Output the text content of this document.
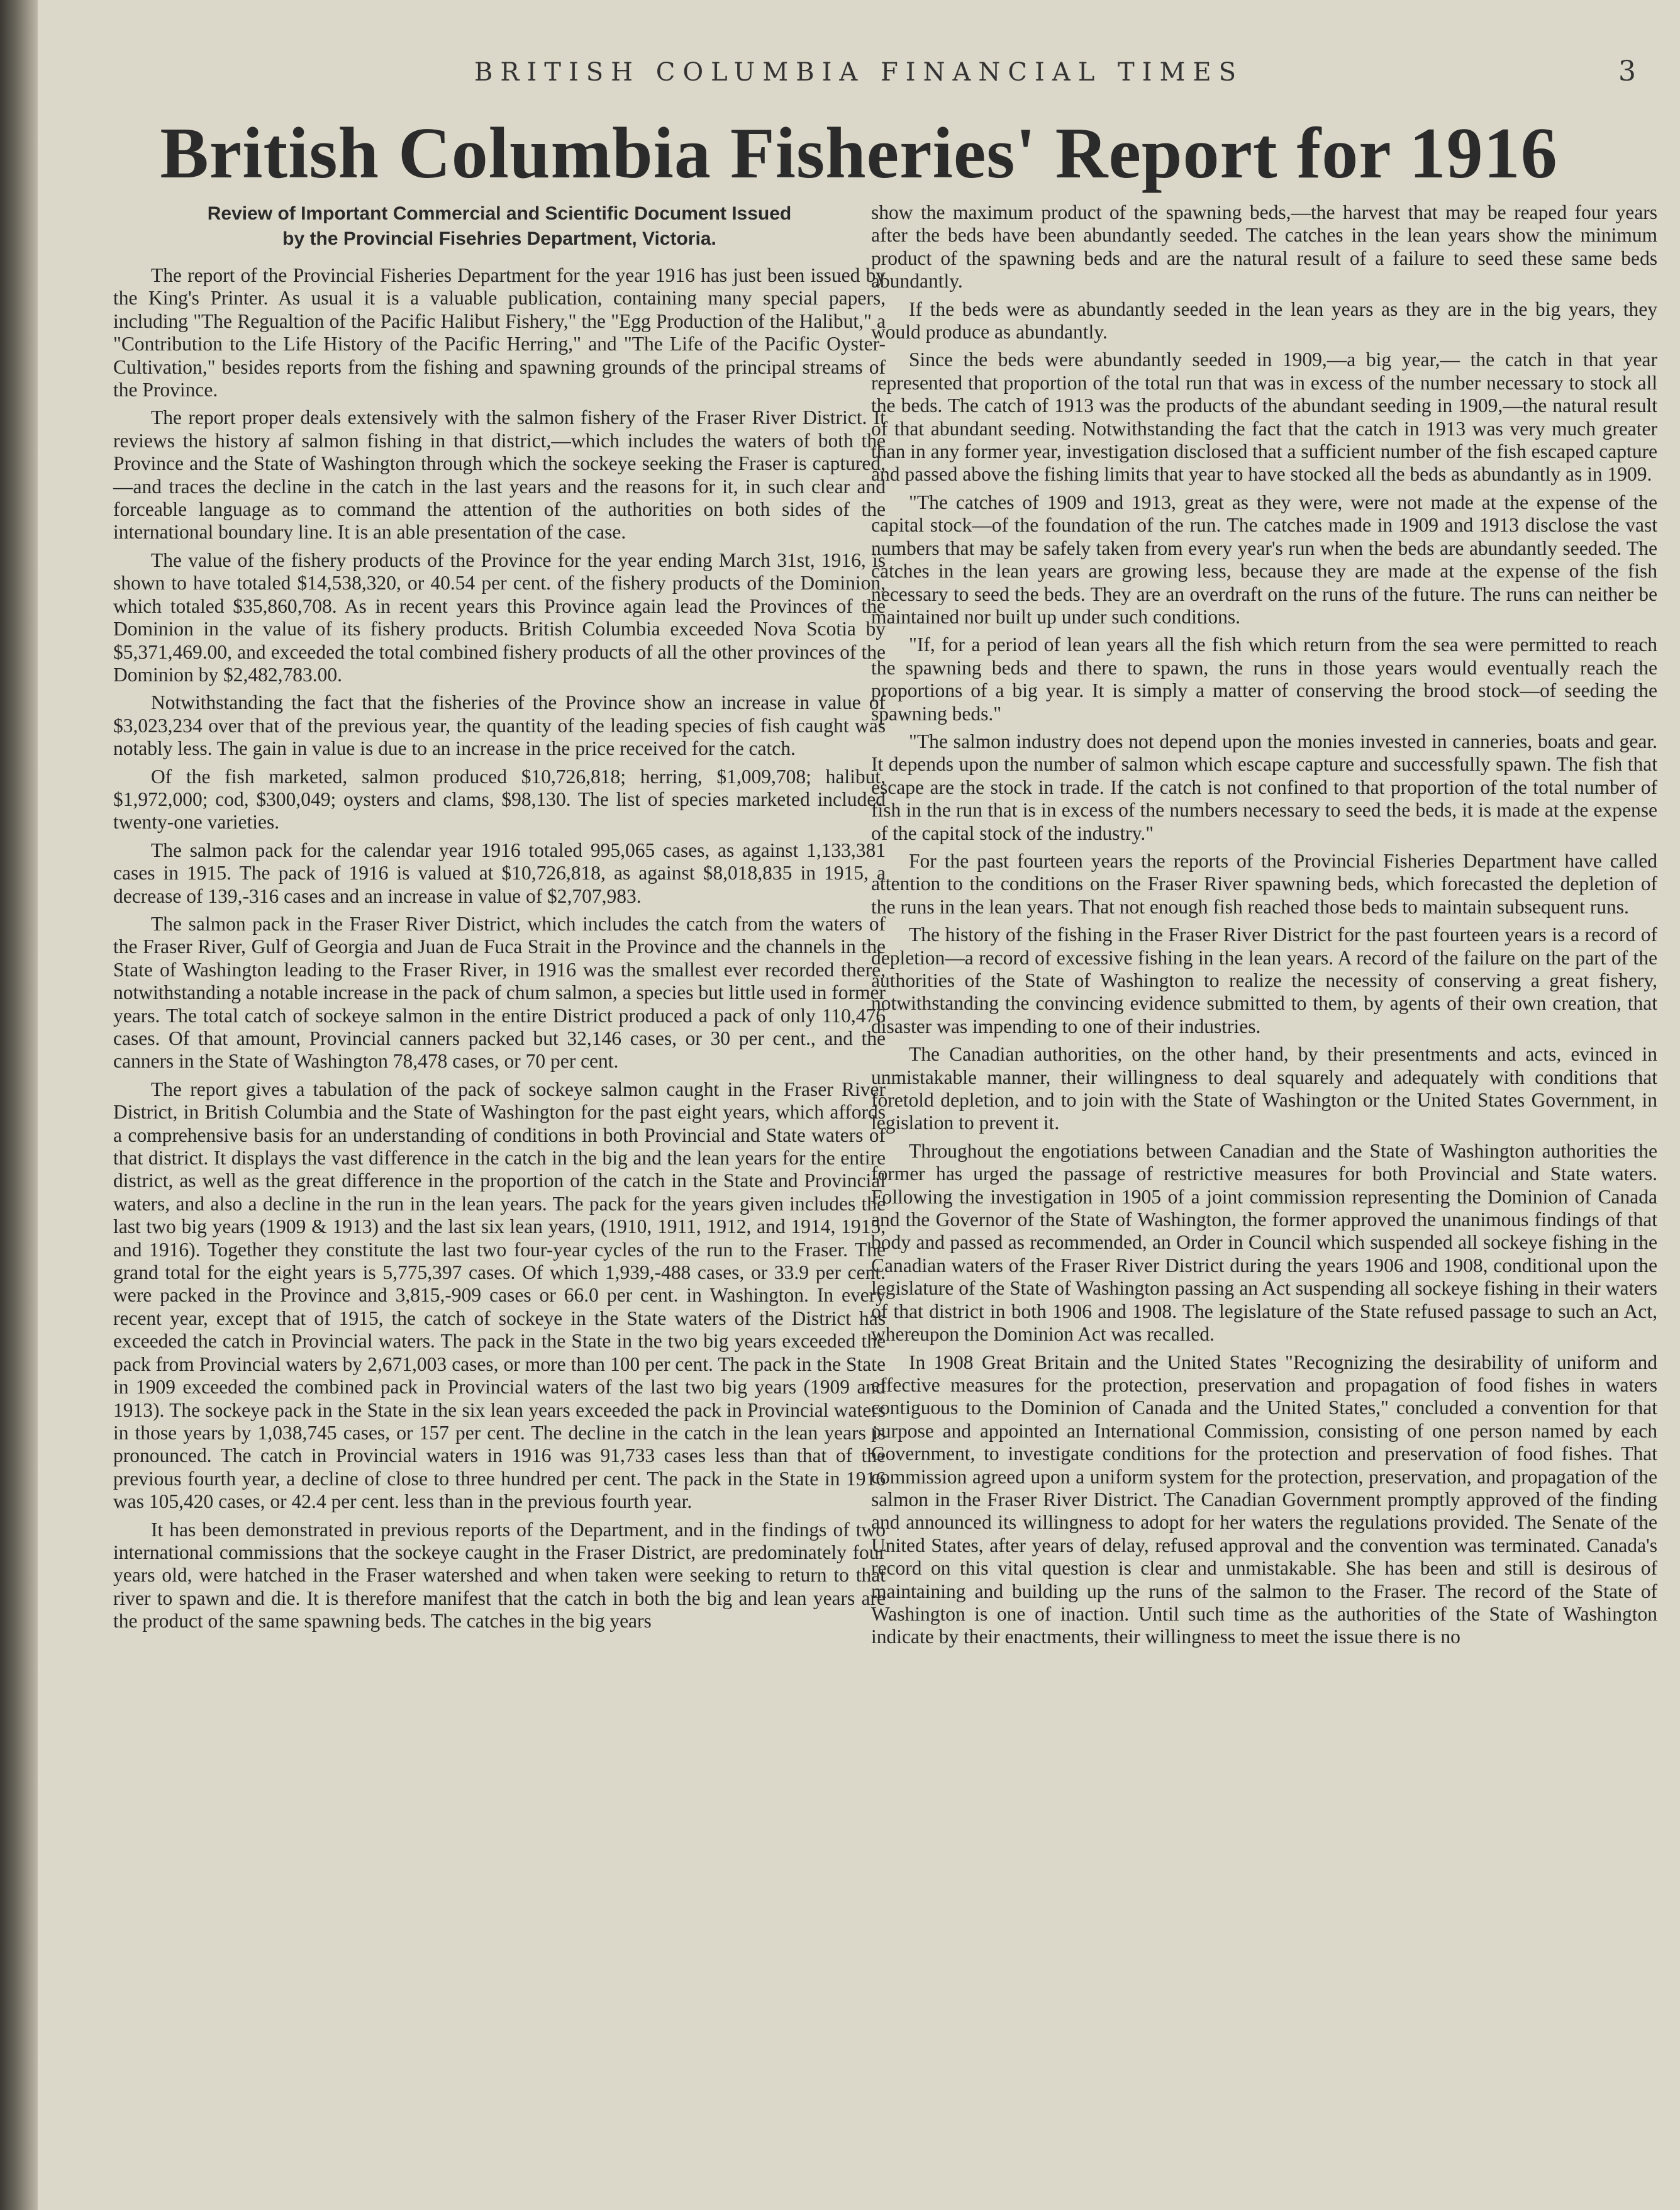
BRITISH COLUMBIA FINANCIAL TIMES	3
British Columbia Fisheries' Report for 1916
Review of Important Commercial and Scientific Document Issued
by the Provincial Fisehries Department, Victoria.

The report of the Provincial Fisheries Department for the year 1916 has just been issued by the King's Printer. As usual it is a valuable publication, containing many special papers, including "The Regualtion of the Pacific Halibut Fishery," the "Egg Production of the Halibut," a "Contribution to the Life History of the Pacific Herring," and "The Life of the Pacific Oyster-Cultivation," besides reports from the fishing and spawning grounds of the principal streams of the Province.

The report proper deals extensively with the salmon fishery of the Fraser River District. It reviews the history af salmon fishing in that district,—which includes the waters of both the Province and the State of Washington through which the sockeye seeking the Fraser is captured,—and traces the decline in the catch in the last years and the reasons for it, in such clear and forceable language as to command the attention of the authorities on both sides of the international boundary line. It is an able presentation of the case.

The value of the fishery products of the Province for the year ending March 31st, 1916, is shown to have totaled $14,538,320, or 40.54 per cent. of the fishery products of the Dominion, which totaled $35,860,708. As in recent years this Province again lead the Provinces of the Dominion in the value of its fishery products. British Columbia exceeded Nova Scotia by $5,371,469.00, and exceeded the total combined fishery products of all the other provinces of the Dominion by $2,482,783.00.

Notwithstanding the fact that the fisheries of the Province show an increase in value of $3,023,234 over that of the previous year, the quantity of the leading species of fish caught was notably less. The gain in value is due to an increase in the price received for the catch.

Of the fish marketed, salmon produced $10,726,818; herring, $1,009,708; halibut, $1,972,000; cod, $300,049; oysters and clams, $98,130. The list of species marketed included twenty-one varieties.

The salmon pack for the calendar year 1916 totaled 995,065 cases, as against 1,133,381 cases in 1915. The pack of 1916 is valued at $10,726,818, as against $8,018,835 in 1915, a decrease of 139,-316 cases and an increase in value of $2,707,983.

The salmon pack in the Fraser River District, which includes the catch from the waters of the Fraser River, Gulf of Georgia and Juan de Fuca Strait in the Province and the channels in the State of Washington leading to the Fraser River, in 1916 was the smallest ever recorded there, notwithstanding a notable increase in the pack of chum salmon, a species but little used in former years. The total catch of sockeye salmon in the entire District produced a pack of only 110,476 cases. Of that amount, Provincial canners packed but 32,146 cases, or 30 per cent., and the canners in the State of Washington 78,478 cases, or 70 per cent.

The report gives a tabulation of the pack of sockeye salmon caught in the Fraser River District, in British Columbia and the State of Washington for the past eight years, which affords a comprehensive basis for an understanding of conditions in both Provincial and State waters of that district. It displays the vast difference in the catch in the big and the lean years for the entire district, as well as the great difference in the proportion of the catch in the State and Provincial waters, and also a decline in the run in the lean years. The pack for the years given includes the last two big years (1909 & 1913) and the last six lean years, (1910, 1911, 1912, and 1914, 1915, and 1916). Together they constitute the last two four-year cycles of the run to the Fraser. The grand total for the eight years is 5,775,397 cases. Of which 1,939,-488 cases, or 33.9 per cent. were packed in the Province and 3,815,-909 cases or 66.0 per cent. in Washington. In every recent year, except that of 1915, the catch of sockeye in the State waters of the District has exceeded the catch in Provincial waters. The pack in the State in the two big years exceeded the pack from Provincial waters by 2,671,003 cases, or more than 100 per cent. The pack in the State in 1909 exceeded the combined pack in Provincial waters of the last two big years (1909 and 1913). The sockeye pack in the State in the six lean years exceeded the pack in Provincial waters in those years by 1,038,745 cases, or 157 per cent. The decline in the catch in the lean years is pronounced. The catch in Provincial waters in 1916 was 91,733 cases less than that of the previous fourth year, a decline of close to three hundred per cent. The pack in the State in 1916 was 105,420 cases, or 42.4 per cent. less than in the previous fourth year.

It has been demonstrated in previous reports of the Department, and in the findings of two international commissions that the sockeye caught in the Fraser District, are predominately four years old, were hatched in the Fraser watershed and when taken were seeking to return to that river to spawn and die. It is therefore manifest that the catch in both the big and lean years are the product of the same spawning beds. The catches in the big years

show the maximum product of the spawning beds,—the harvest that may be reaped four years after the beds have been abundantly seeded. The catches in the lean years show the minimum product of the spawning beds and are the natural result of a failure to seed these same beds abundantly.

If the beds were as abundantly seeded in the lean years as they are in the big years, they would produce as abundantly.

Since the beds were abundantly seeded in 1909,—a big year,— the catch in that year represented that proportion of the total run that was in excess of the number necessary to stock all the beds. The catch of 1913 was the products of the abundant seeding in 1909,—the natural result of that abundant seeding. Notwithstanding the fact that the catch in 1913 was very much greater than in any former year, investigation disclosed that a sufficient number of the fish escaped capture and passed above the fishing limits that year to have stocked all the beds as abundantly as in 1909.

"The catches of 1909 and 1913, great as they were, were not made at the expense of the capital stock—of the foundation of the run. The catches made in 1909 and 1913 disclose the vast numbers that may be safely taken from every year's run when the beds are abundantly seeded. The catches in the lean years are growing less, because they are made at the expense of the fish necessary to seed the beds. They are an overdraft on the runs of the future. The runs can neither be maintained nor built up under such conditions.

"If, for a period of lean years all the fish which return from the sea were permitted to reach the spawning beds and there to spawn, the runs in those years would eventually reach the proportions of a big year. It is simply a matter of conserving the brood stock—of seeding the spawning beds."

"The salmon industry does not depend upon the monies invested in canneries, boats and gear. It depends upon the number of salmon which escape capture and successfully spawn. The fish that escape are the stock in trade. If the catch is not confined to that proportion of the total number of fish in the run that is in excess of the numbers necessary to seed the beds, it is made at the expense of the capital stock of the industry."

For the past fourteen years the reports of the Provincial Fisheries Department have called attention to the conditions on the Fraser River spawning beds, which forecasted the depletion of the runs in the lean years. That not enough fish reached those beds to maintain subsequent runs.

The history of the fishing in the Fraser River District for the past fourteen years is a record of depletion—a record of excessive fishing in the lean years. A record of the failure on the part of the authorities of the State of Washington to realize the necessity of conserving a great fishery, notwithstanding the convincing evidence submitted to them, by agents of their own creation, that disaster was impending to one of their industries.

The Canadian authorities, on the other hand, by their presentments and acts, evinced in unmistakable manner, their willingness to deal squarely and adequately with conditions that foretold depletion, and to join with the State of Washington or the United States Government, in legislation to prevent it.

Throughout the engotiations between Canadian and the State of Washington authorities the former has urged the passage of restrictive measures for both Provincial and State waters. Following the investigation in 1905 of a joint commission representing the Dominion of Canada and the Governor of the State of Washington, the former approved the unanimous findings of that body and passed as recommended, an Order in Council which suspended all sockeye fishing in the Canadian waters of the Fraser River District during the years 1906 and 1908, conditional upon the legislature of the State of Washington passing an Act suspending all sockeye fishing in their waters of that district in both 1906 and 1908. The legislature of the State refused passage to such an Act, whereupon the Dominion Act was recalled.

In 1908 Great Britain and the United States "Recognizing the desirability of uniform and effective measures for the protection, preservation and propagation of food fishes in waters contiguous to the Dominion of Canada and the United States," concluded a convention for that purpose and appointed an International Commission, consisting of one person named by each Government, to investigate conditions for the protection and preservation of food fishes. That commission agreed upon a uniform system for the protection, preservation, and propagation of the salmon in the Fraser River District. The Canadian Government promptly approved of the finding and announced its willingness to adopt for her waters the regulations provided. The Senate of the United States, after years of delay, refused approval and the convention was terminated. Canada's record on this vital question is clear and unmistakable. She has been and still is desirous of maintaining and building up the runs of the salmon to the Fraser. The record of the State of Washington is one of inaction. Until such time as the authorities of the State of Washington indicate by their enactments, their willingness to meet the issue there is no
